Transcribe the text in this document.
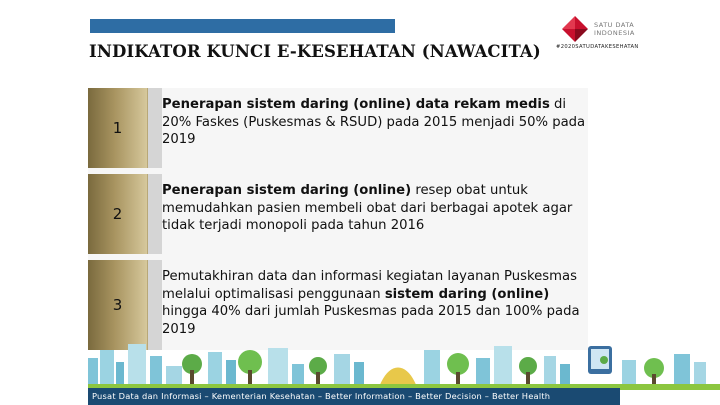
INDIKATOR KUNCI E-KESEHATAN (NAWACITA)
SATU DATA
INDONESIA
#2020SATUDATAKESEHATAN
1
Penerapan sistem daring (online) data rekam medis di 20% Faskes (Puskesmas & RSUD) pada 2015 menjadi 50% pada 2019
2
Penerapan sistem daring (online) resep obat untuk memudahkan pasien membeli obat dari berbagai apotek agar tidak terjadi monopoli pada tahun 2016
3
Pemutakhiran data dan informasi kegiatan layanan Puskesmas melalui optimalisasi penggunaan sistem daring (online) hingga 40% dari jumlah Puskesmas pada 2015 dan 100% pada 2019
Pusat Data dan Informasi – Kementerian Kesehatan – Better Information – Better Decision – Better Health
